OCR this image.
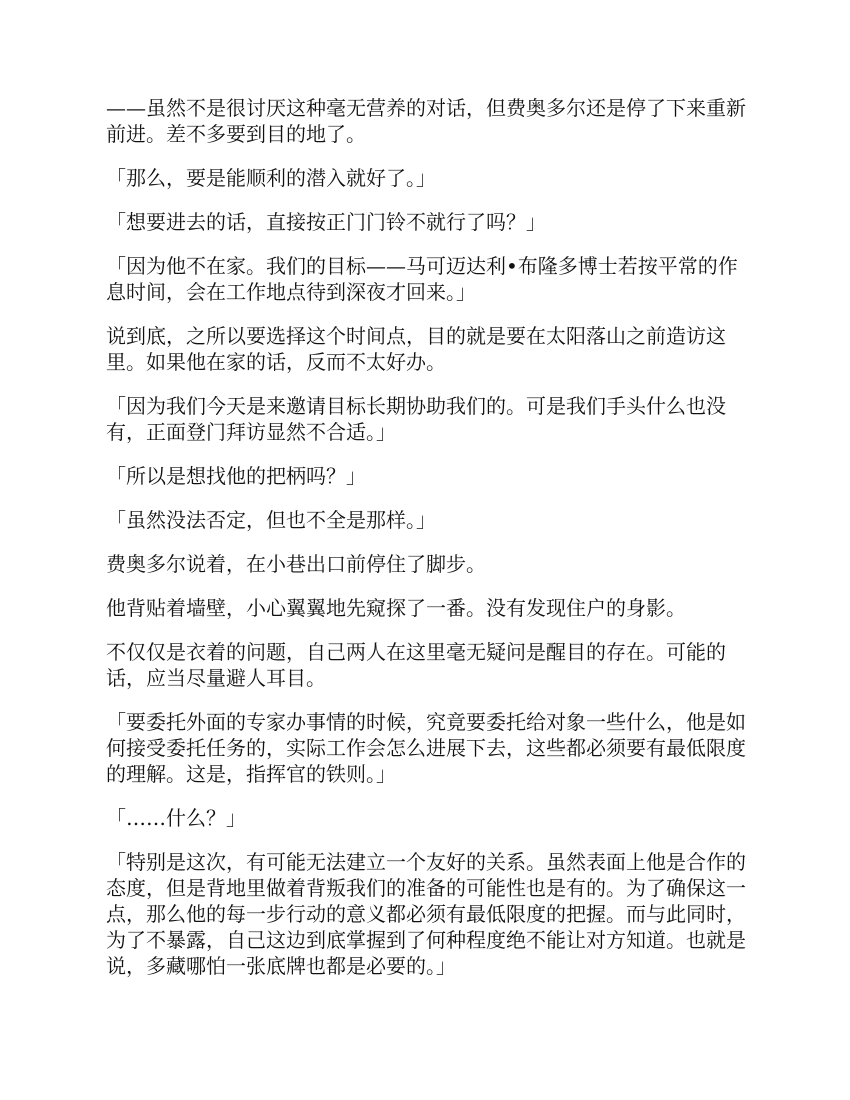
——虽然不是很讨厌这种毫无营养的对话，但费奥多尔还是停了下来重新前进。差不多要到目的地了。

「那么，要是能顺利的潜入就好了。」

「想要进去的话，直接按正门门铃不就行了吗？」

「因为他不在家。我们的目标——马可迈达利•布隆多博士若按平常的作息时间，会在工作地点待到深夜才回来。」

说到底，之所以要选择这个时间点，目的就是要在太阳落山之前造访这里。如果他在家的话，反而不太好办。

「因为我们今天是来邀请目标长期协助我们的。可是我们手头什么也没有，正面登门拜访显然不合适。」

「所以是想找他的把柄吗？」

「虽然没法否定，但也不全是那样。」

费奥多尔说着，在小巷出口前停住了脚步。

他背贴着墙壁，小心翼翼地先窥探了一番。没有发现住户的身影。

不仅仅是衣着的问题，自己两人在这里毫无疑问是醒目的存在。可能的话，应当尽量避人耳目。

「要委托外面的专家办事情的时候，究竟要委托给对象一些什么，他是如何接受委托任务的，实际工作会怎么进展下去，这些都必须要有最低限度的理解。这是，指挥官的铁则。」

「……什么？」

「特别是这次，有可能无法建立一个友好的关系。虽然表面上他是合作的态度，但是背地里做着背叛我们的准备的可能性也是有的。为了确保这一点，那么他的每一步行动的意义都必须有最低限度的把握。而与此同时，为了不暴露，自己这边到底掌握到了何种程度绝不能让对方知道。也就是说，多藏哪怕一张底牌也都是必要的。」
